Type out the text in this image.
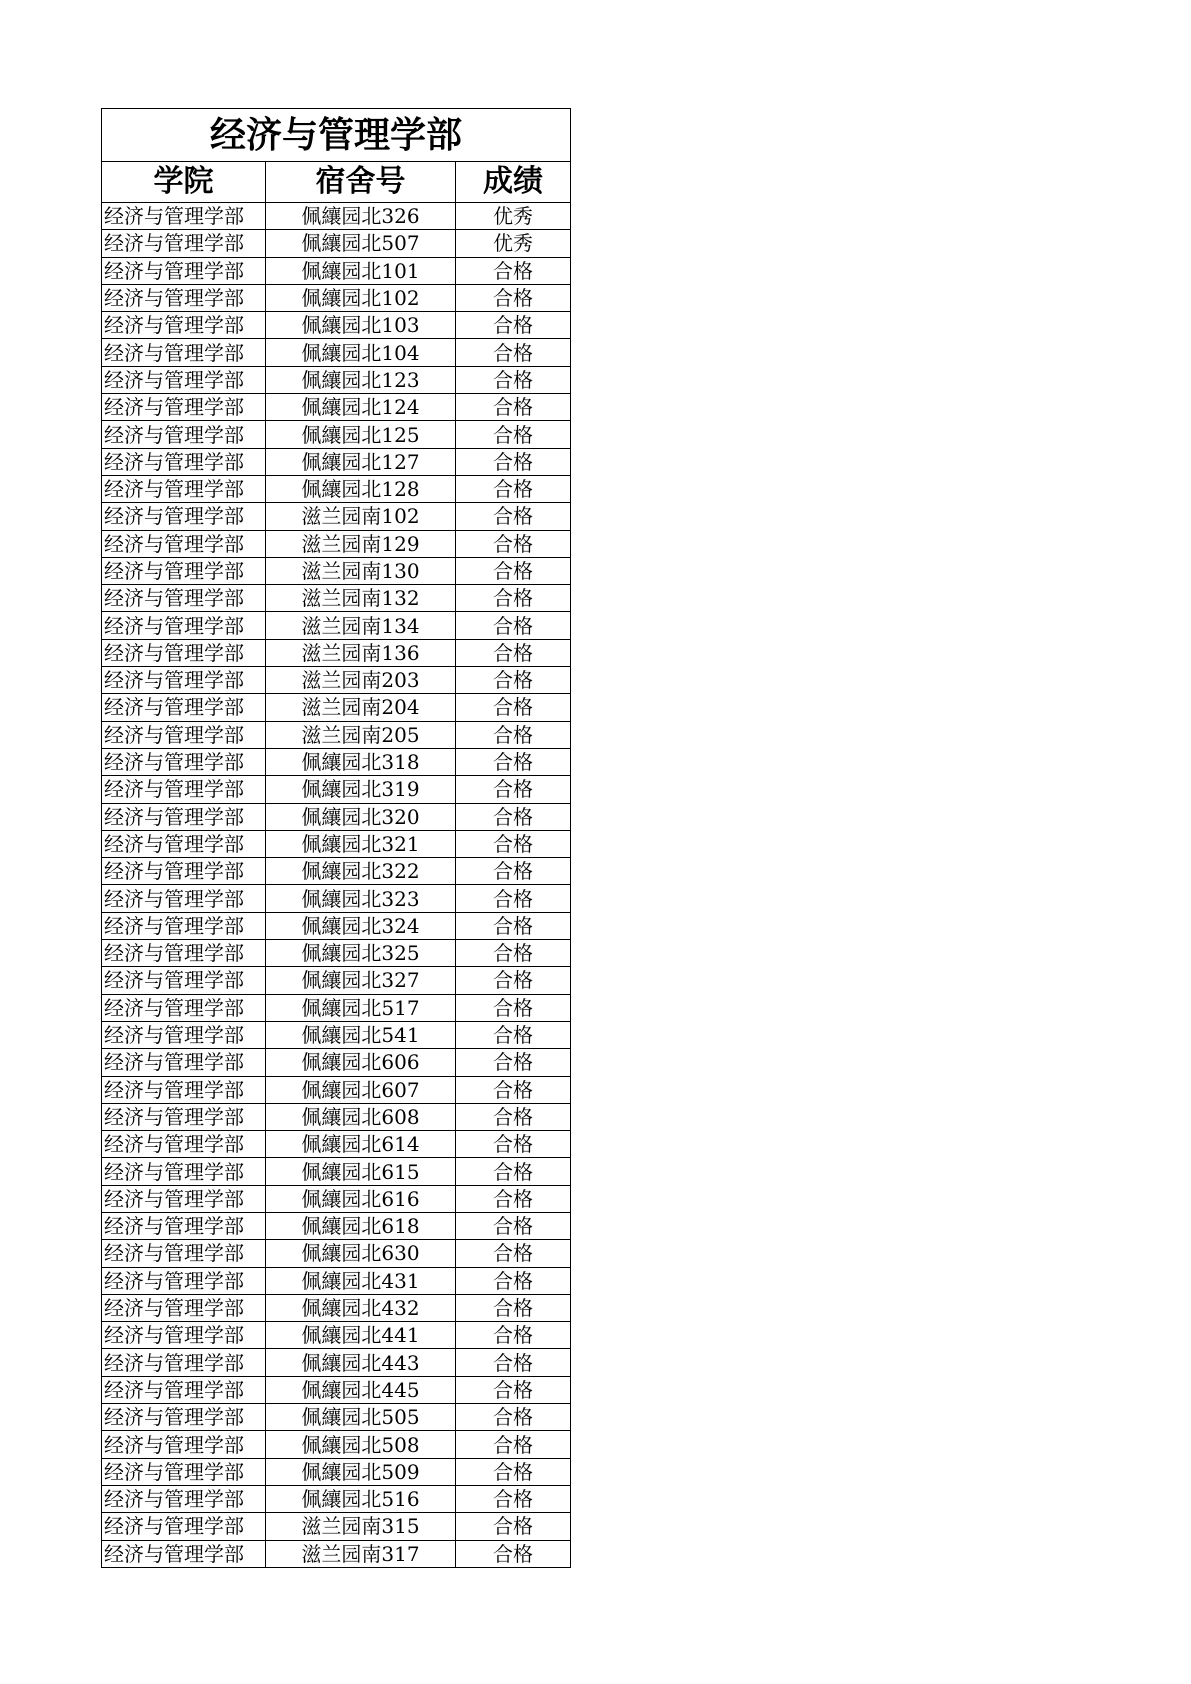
经济与管理学部		
学院	宿舍号	成绩
经济与管理学部	佩纕园北326	优秀
经济与管理学部	佩纕园北507	优秀
经济与管理学部	佩纕园北101	合格
经济与管理学部	佩纕园北102	合格
经济与管理学部	佩纕园北103	合格
经济与管理学部	佩纕园北104	合格
经济与管理学部	佩纕园北123	合格
经济与管理学部	佩纕园北124	合格
经济与管理学部	佩纕园北125	合格
经济与管理学部	佩纕园北127	合格
经济与管理学部	佩纕园北128	合格
经济与管理学部	滋兰园南102	合格
经济与管理学部	滋兰园南129	合格
经济与管理学部	滋兰园南130	合格
经济与管理学部	滋兰园南132	合格
经济与管理学部	滋兰园南134	合格
经济与管理学部	滋兰园南136	合格
经济与管理学部	滋兰园南203	合格
经济与管理学部	滋兰园南204	合格
经济与管理学部	滋兰园南205	合格
经济与管理学部	佩纕园北318	合格
经济与管理学部	佩纕园北319	合格
经济与管理学部	佩纕园北320	合格
经济与管理学部	佩纕园北321	合格
经济与管理学部	佩纕园北322	合格
经济与管理学部	佩纕园北323	合格
经济与管理学部	佩纕园北324	合格
经济与管理学部	佩纕园北325	合格
经济与管理学部	佩纕园北327	合格
经济与管理学部	佩纕园北517	合格
经济与管理学部	佩纕园北541	合格
经济与管理学部	佩纕园北606	合格
经济与管理学部	佩纕园北607	合格
经济与管理学部	佩纕园北608	合格
经济与管理学部	佩纕园北614	合格
经济与管理学部	佩纕园北615	合格
经济与管理学部	佩纕园北616	合格
经济与管理学部	佩纕园北618	合格
经济与管理学部	佩纕园北630	合格
经济与管理学部	佩纕园北431	合格
经济与管理学部	佩纕园北432	合格
经济与管理学部	佩纕园北441	合格
经济与管理学部	佩纕园北443	合格
经济与管理学部	佩纕园北445	合格
经济与管理学部	佩纕园北505	合格
经济与管理学部	佩纕园北508	合格
经济与管理学部	佩纕园北509	合格
经济与管理学部	佩纕园北516	合格
经济与管理学部	滋兰园南315	合格
经济与管理学部	滋兰园南317	合格
